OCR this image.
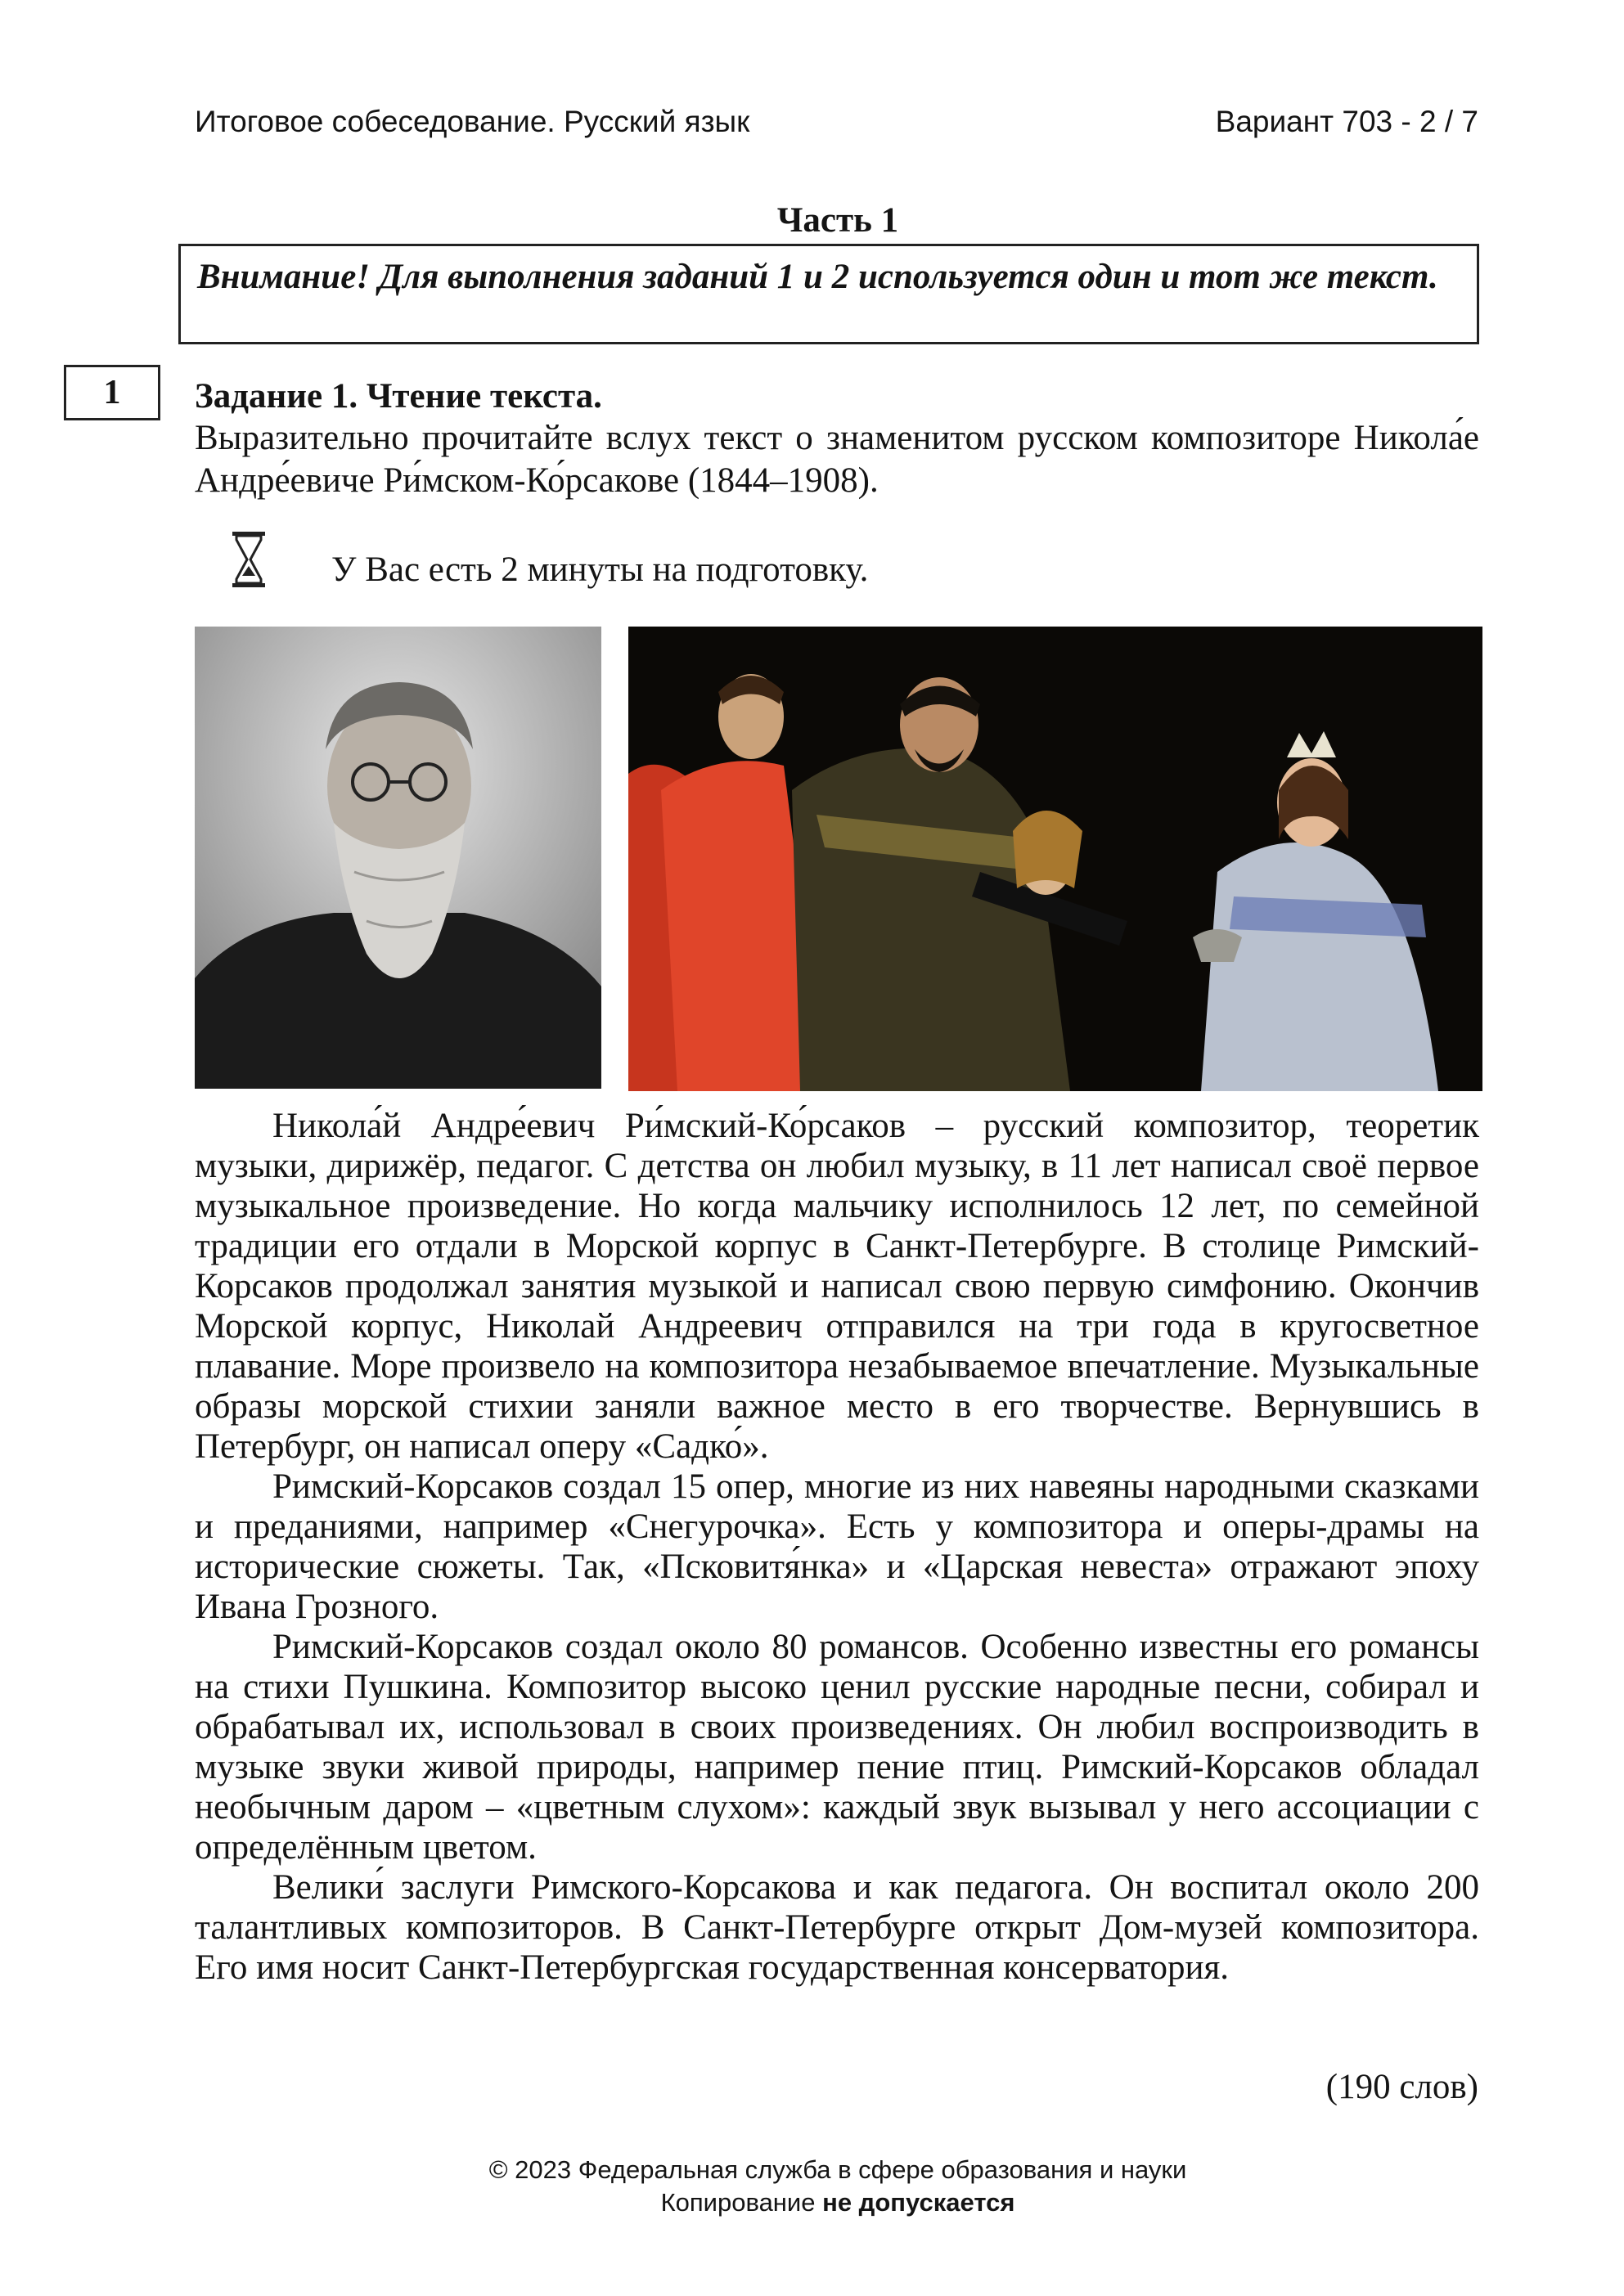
Итоговое собеседование. Русский язык	Вариант 703 - 2 / 7
Часть 1
Внимание! Для выполнения заданий 1 и 2 используется один и тот же текст.
1	Задание 1. Чтение текста.
Выразительно прочитайте вслух текст о знаменитом русском композиторе Никола́е Андре́евиче Ри́мском-Ко́рсакове (1844–1908).
У Вас есть 2 минуты на подготовку.

Никола́й Андре́евич Ри́мский-Ко́рсаков – русский композитор, теоретик музыки, дирижёр, педагог. С детства он любил музыку, в 11 лет написал своё первое музыкальное произведение. Но когда мальчику исполнилось 12 лет, по семейной традиции его отдали в Морской корпус в Санкт-Петербурге. В столице Римский-Корсаков продолжал занятия музыкой и написал свою первую симфонию. Окончив Морской корпус, Николай Андреевич отправился на три года в кругосветное плавание. Море произвело на композитора незабываемое впечатление. Музыкальные образы морской стихии заняли важное место в его творчестве. Вернувшись в Петербург, он написал оперу «Садко́».

Римский-Корсаков создал 15 опер, многие из них навеяны народными сказками и преданиями, например «Снегурочка». Есть у композитора и оперы-драмы на исторические сюжеты. Так, «Псковитя́нка» и «Царская невеста» отражают эпоху Ивана Грозного.

Римский-Корсаков создал около 80 романсов. Особенно известны его романсы на стихи Пушкина. Композитор высоко ценил русские народные песни, собирал и обрабатывал их, использовал в своих произведениях. Он любил воспроизводить в музыке звуки живой природы, например пение птиц. Римский-Корсаков обладал необычным даром – «цветным слухом»: каждый звук вызывал у него ассоциации с определённым цветом.

Велики́ заслуги Римского-Корсакова и как педагога. Он воспитал около 200 талантливых композиторов. В Санкт-Петербурге открыт Дом-музей композитора. Его имя носит Санкт-Петербургская государственная консерватория.

(190 слов)
© 2023 Федеральная служба в сфере образования и науки
Копирование не допускается
